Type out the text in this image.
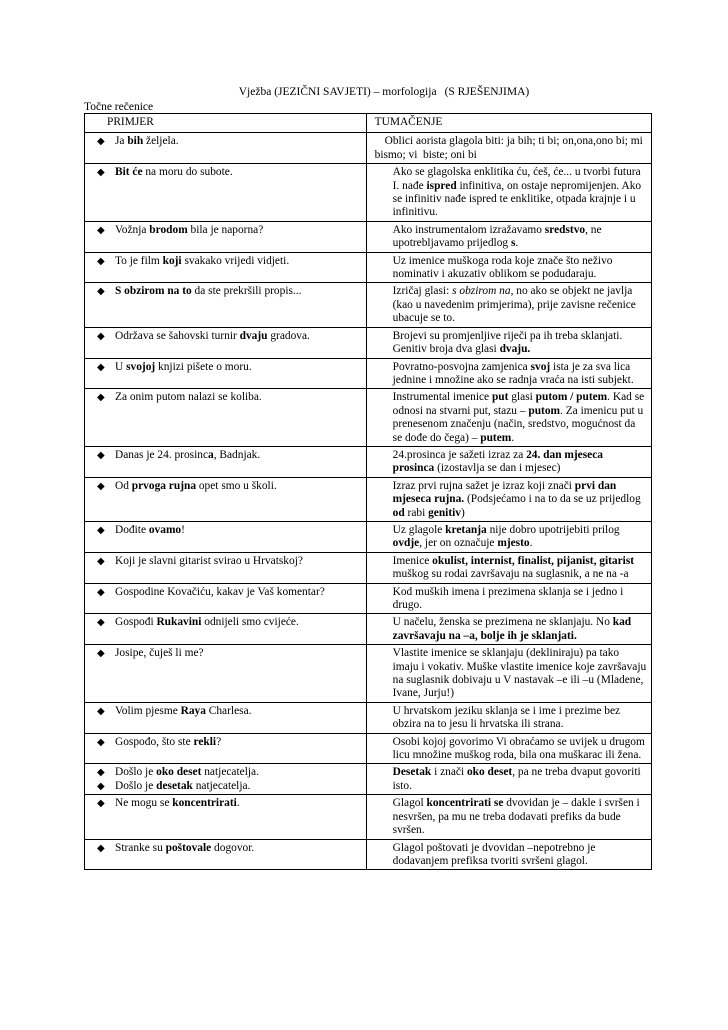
Vježba (JEZIČNI SAVJETI) – morfologija (S RJEŠENJIMA)
Točne rečenice
PRIMJER	TUMAČENJE

◆ Ja bih željela.	Oblici aorista glagola biti: ja bih; ti bi; on,ona,ono bi; mi bismo; vi  biste; oni bi

◆ Bit će na moru do subote.	Ako se glagolska enklitika ću, ćeš, će... u tvorbi futura I. nađe ispred infinitiva, on ostaje nepromijenjen. Ako se infinitiv nađe ispred te enklitike, otpada krajnje i u infinitivu.

◆ Vožnja brodom bila je naporna?	Ako instrumentalom izražavamo sredstvo, ne upotrebljavamo prijedlog s.

◆ To je film koji svakako vrijedi vidjeti.	Uz imenice muškoga roda koje znače što neživo nominativ i akuzativ oblikom se podudaraju.

◆ S obzirom na to da ste prekršili propis...	Izričaj glasi: s obzirom na, no ako se objekt ne javlja (kao u navedenim primjerima), prije zavisne rečenice ubacuje se to.

◆ Održava se šahovski turnir dvaju gradova.	Brojevi su promjenljive riječi pa ih treba sklanjati. Genitiv broja dva glasi dvaju.

◆ U svojoj knjizi pišete o moru.	Povratno-posvojna zamjenica svoj ista je za sva lica jednine i množine ako se radnja vraća na isti subjekt.

◆ Za onim putom nalazi se koliba.	Instrumental imenice put glasi putom / putem. Kad se odnosi na stvarni put, stazu – putom. Za imenicu put u prenesenom značenju (način, sredstvo, mogućnost da se dođe do čega) – putem.

◆ Danas je 24. prosinca, Badnjak.	24.prosinca je sažeti izraz za 24. dan mjeseca prosinca (izostavlja se dan i mjesec)

◆ Od prvoga rujna opet smo u školi.	Izraz prvi rujna sažet je izraz koji znači prvi dan mjeseca rujna. (Podsjećamo i na to da se uz prijedlog od rabi genitiv)

◆ Dođite ovamo!	Uz glagole kretanja nije dobro upotrijebiti prilog ovdje, jer on označuje mjesto.

◆ Koji je slavni gitarist svirao u Hrvatskoj?	Imenice okulist, internist, finalist, pijanist, gitarist muškog su rodai završavaju na suglasnik, a ne na -a

◆ Gospodine Kovačiću, kakav je Vaš komentar?	Kod muških imena i prezimena sklanja se i jedno i drugo.

◆ Gospođi Rukavini odnijeli smo cvijeće.	U načelu, ženska se prezimena ne sklanjaju. No kad završavaju na –a, bolje ih je sklanjati.

◆ Josipe, čuješ li me?	Vlastite imenice se sklanjaju (dekliniraju) pa tako imaju i vokativ. Muške vlastite imenice koje završavaju na suglasnik dobivaju u V nastavak –e ili –u (Mladene, Ivane, Jurju!)

◆ Volim pjesme Raya Charlesa.	U hrvatskom jeziku sklanja se i ime i prezime bez obzira na to jesu li hrvatska ili strana.

◆ Gospođo, što ste rekli?	Osobi kojoj govorimo Vi obraćamo se uvijek u drugom licu množine muškog roda, bila ona muškarac ili žena.

◆ Došlo je oko deset natjecatelja.
◆ Došlo je desetak natjecatelja.	Desetak i znači oko deset, pa ne treba dvaput govoriti isto.

◆ Ne mogu se koncentrirati.	Glagol koncentrirati se dvovidan je – dakle i svršen i nesvršen, pa mu ne treba dodavati prefiks da bude svršen.

◆ Stranke su poštovale dogovor.	Glagol poštovati je dvovidan –nepotrebno je dodavanjem prefiksa tvoriti svršeni glagol.
